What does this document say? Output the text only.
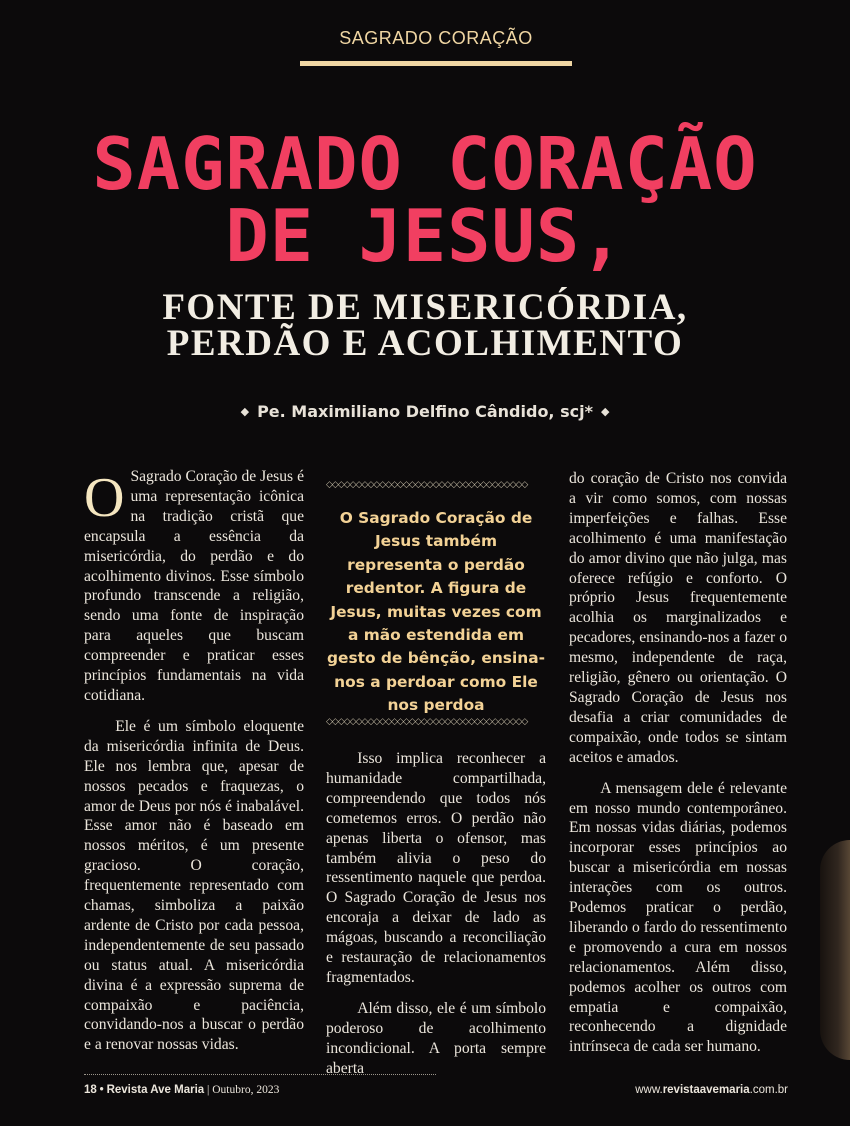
SAGRADO CORAÇÃO
SAGRADO CORAÇÃO DE JESUS,
FONTE DE MISERICÓRDIA,
PERDÃO E ACOLHIMENTO
◆ Pe. Maximiliano Delfino Cândido, scj* ◆

O Sagrado Coração de Jesus é uma representação icônica na tradição cristã que encapsula a essência da misericórdia, do perdão e do acolhimento divinos. Esse símbolo profundo transcende a religião, sendo uma fonte de inspiração para aqueles que buscam compreender e praticar esses princípios fundamentais na vida cotidiana.

Ele é um símbolo eloquente da misericórdia infinita de Deus. Ele nos lembra que, apesar de nossos pecados e fraquezas, o amor de Deus por nós é inabalável. Esse amor não é baseado em nossos méritos, é um presente gracioso. O coração, frequentemente representado com chamas, simboliza a paixão ardente de Cristo por cada pessoa, independentemente de seu passado ou status atual. A misericórdia divina é a expressão suprema de compaixão e paciência, convidando-nos a buscar o perdão e a renovar nossas vidas.

◇◇◇◇◇◇◇◇◇◇◇◇◇◇◇◇◇◇◇◇◇◇◇◇◇◇◇◇◇◇◇◇◇◇
O Sagrado Coração de Jesus também representa o perdão redentor. A figura de Jesus, muitas vezes com a mão estendida em gesto de bênção, ensina-nos a perdoar como Ele nos perdoa
◇◇◇◇◇◇◇◇◇◇◇◇◇◇◇◇◇◇◇◇◇◇◇◇◇◇◇◇◇◇◇◇◇◇

Isso implica reconhecer a humanidade compartilhada, compreendendo que todos nós cometemos erros. O perdão não apenas liberta o ofensor, mas também alivia o peso do ressentimento naquele que perdoa. O Sagrado Coração de Jesus nos encoraja a deixar de lado as mágoas, buscando a reconciliação e restauração de relacionamentos fragmentados.

Além disso, ele é um símbolo poderoso de acolhimento incondicional. A porta sempre aberta

do coração de Cristo nos convida a vir como somos, com nossas imperfeições e falhas. Esse acolhimento é uma manifestação do amor divino que não julga, mas oferece refúgio e conforto. O próprio Jesus frequentemente acolhia os marginalizados e pecadores, ensinando-nos a fazer o mesmo, independente de raça, religião, gênero ou orientação. O Sagrado Coração de Jesus nos desafia a criar comunidades de compaixão, onde todos se sintam aceitos e amados.

A mensagem dele é relevante em nosso mundo contemporâneo. Em nossas vidas diárias, podemos incorporar esses princípios ao buscar a misericórdia em nossas interações com os outros. Podemos praticar o perdão, liberando o fardo do ressentimento e promovendo a cura em nossos relacionamentos. Além disso, podemos acolher os outros com empatia e compaixão, reconhecendo a dignidade intrínseca de cada ser humano.

18 • Revista Ave Maria | Outubro, 2023	www.revistaavemaria.com.br
